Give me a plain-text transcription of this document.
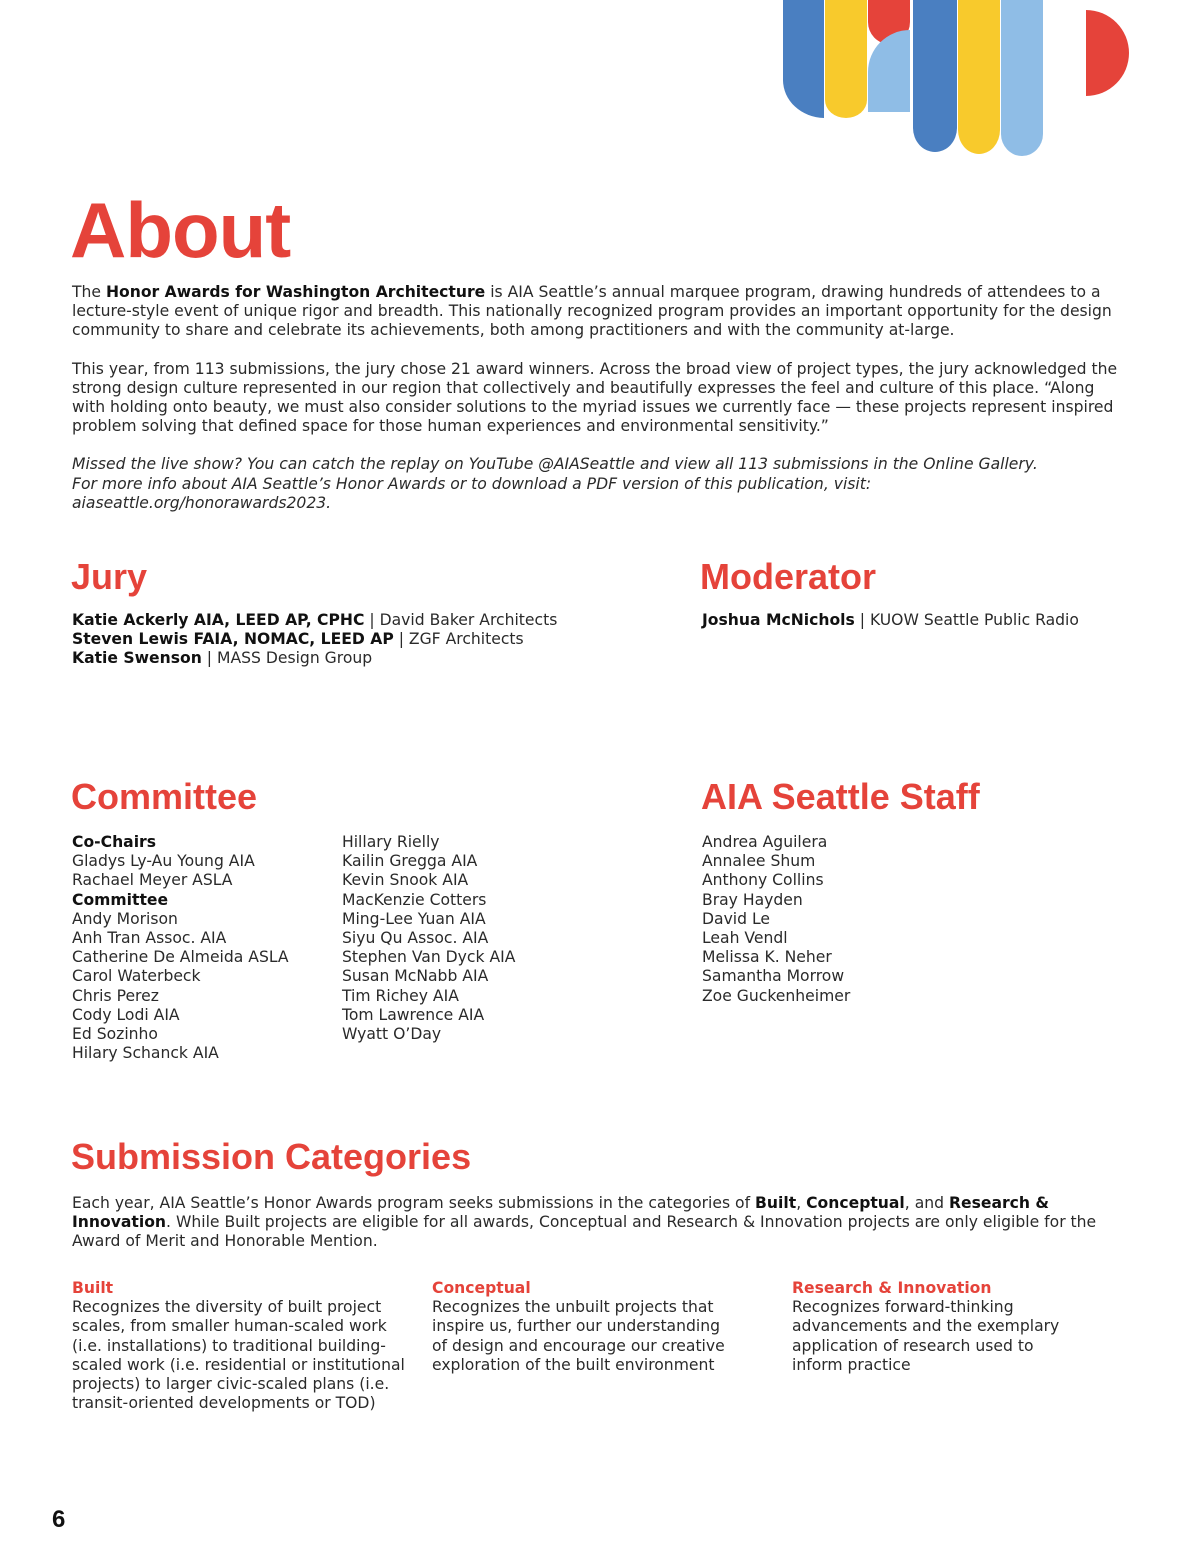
About

The Honor Awards for Washington Architecture is AIA Seattle’s annual marquee program, drawing hundreds of attendees to a lecture-style event of unique rigor and breadth. This nationally recognized program provides an important opportunity for the design community to share and celebrate its achievements, both among practitioners and with the community at-large.

This year, from 113 submissions, the jury chose 21 award winners. Across the broad view of project types, the jury acknowledged the strong design culture represented in our region that collectively and beautifully expresses the feel and culture of this place. “Along with holding onto beauty, we must also consider solutions to the myriad issues we currently face — these projects represent inspired problem solving that defined space for those human experiences and environmental sensitivity.”

Missed the live show? You can catch the replay on YouTube @AIASeattle and view all 113 submissions in the Online Gallery.
For more info about AIA Seattle’s Honor Awards or to download a PDF version of this publication, visit: aiaseattle.org/honorawards2023.

Jury
Katie Ackerly AIA, LEED AP, CPHC | David Baker Architects
Steven Lewis FAIA, NOMAC, LEED AP | ZGF Architects
Katie Swenson | MASS Design Group
Moderator
Joshua McNichols | KUOW Seattle Public Radio
Committee
Co-Chairs
Gladys Ly-Au Young AIA
Rachael Meyer ASLA
Committee
Andy Morison
Anh Tran Assoc. AIA
Catherine De Almeida ASLA
Carol Waterbeck
Chris Perez
Cody Lodi AIA
Ed Sozinho
Hilary Schanck AIA
Hillary Rielly
Kailin Gregga AIA
Kevin Snook AIA
MacKenzie Cotters
Ming-Lee Yuan AIA
Siyu Qu Assoc. AIA
Stephen Van Dyck AIA
Susan McNabb AIA
Tim Richey AIA
Tom Lawrence AIA
Wyatt O’Day
AIA Seattle Staff
Andrea Aguilera
Annalee Shum
Anthony Collins
Bray Hayden
David Le
Leah Vendl
Melissa K. Neher
Samantha Morrow
Zoe Guckenheimer
Submission Categories

Each year, AIA Seattle’s Honor Awards program seeks submissions in the categories of Built, Conceptual, and Research & Innovation. While Built projects are eligible for all awards, Conceptual and Research & Innovation projects are only eligible for the Award of Merit and Honorable Mention.

Built
Recognizes the diversity of built project
scales, from smaller human-scaled work
(i.e. installations) to traditional building-
scaled work (i.e. residential or institutional
projects) to larger civic-scaled plans (i.e.
transit-oriented developments or TOD)
Conceptual
Recognizes the unbuilt projects that
inspire us, further our understanding
of design and encourage our creative
exploration of the built environment
Research & Innovation
Recognizes forward-thinking
advancements and the exemplary
application of research used to
inform practice
6
